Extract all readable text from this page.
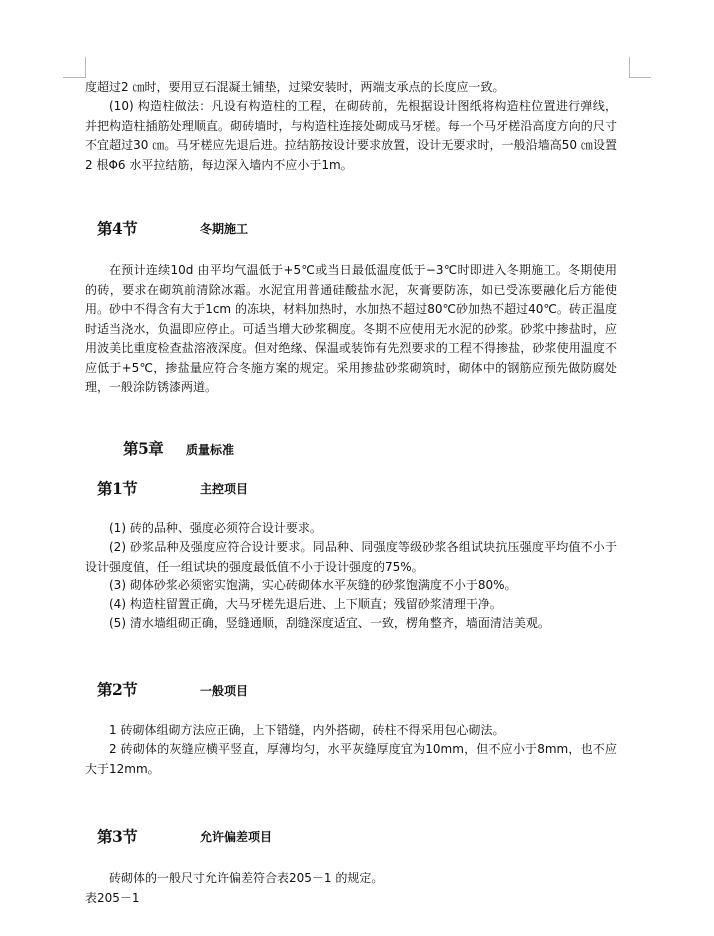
度超过2 ㎝时，要用豆石混凝土铺垫，过梁安装时，两端支承点的长度应一致。

(10) 构造柱做法：凡设有构造柱的工程，在砌砖前，先根据设计图纸将构造柱位置进行弹线，并把构造柱插筋处理顺直。砌砖墙时，与构造柱连接处砌成马牙槎。每一个马牙槎沿高度方向的尺寸不宜超过30 ㎝。马牙槎应先退后进。拉结筋按设计要求放置，设计无要求时，一般沿墙高50 ㎝设置2 根Φ6 水平拉结筋，每边深入墙内不应小于1m。

第4节	冬期施工

在预计连续10d 由平均气温低于+5℃或当日最低温度低于−3℃时即进入冬期施工。冬期使用的砖，要求在砌筑前清除冰霜。水泥宜用普通硅酸盐水泥，灰膏要防冻，如已受冻要融化后方能使用。砂中不得含有大于1cm 的冻块，材料加热时，水加热不超过80℃砂加热不超过40℃。砖正温度时适当浇水，负温即应停止。可适当增大砂浆稠度。冬期不应使用无水泥的砂浆。砂浆中掺盐时，应用波美比重度检查盐溶液深度。但对绝缘、保温或装饰有先烈要求的工程不得掺盐，砂浆使用温度不应低于+5℃，掺盐量应符合冬施方案的规定。采用掺盐砂浆砌筑时，砌体中的钢筋应预先做防腐处理，一般涂防锈漆两道。

第5章 质量标准
第1节	主控项目

(1) 砖的品种、强度必须符合设计要求。

(2) 砂浆品种及强度应符合设计要求。同品种、同强度等级砂浆各组试块抗压强度平均值不小于设计强度值，任一组试块的强度最低值不小于设计强度的75%。

(3) 砌体砂浆必须密实饱满，实心砖砌体水平灰缝的砂浆饱满度不小于80%。

(4) 构造柱留置正确，大马牙槎先退后进、上下顺直；残留砂浆清理干净。

(5) 清水墙组砌正确，竖缝通顺，刮缝深度适宜、一致，楞角整齐，墙面清洁美观。

第2节	一般项目

1 砖砌体组砌方法应正确，上下错缝，内外搭砌，砖柱不得采用包心砌法。

2 砖砌体的灰缝应横平竖直，厚薄均匀，水平灰缝厚度宜为10mm，但不应小于8mm，也不应大于12mm。

第3节	允许偏差项目

砖砌体的一般尺寸允许偏差符合表205－1 的规定。

表205－1
